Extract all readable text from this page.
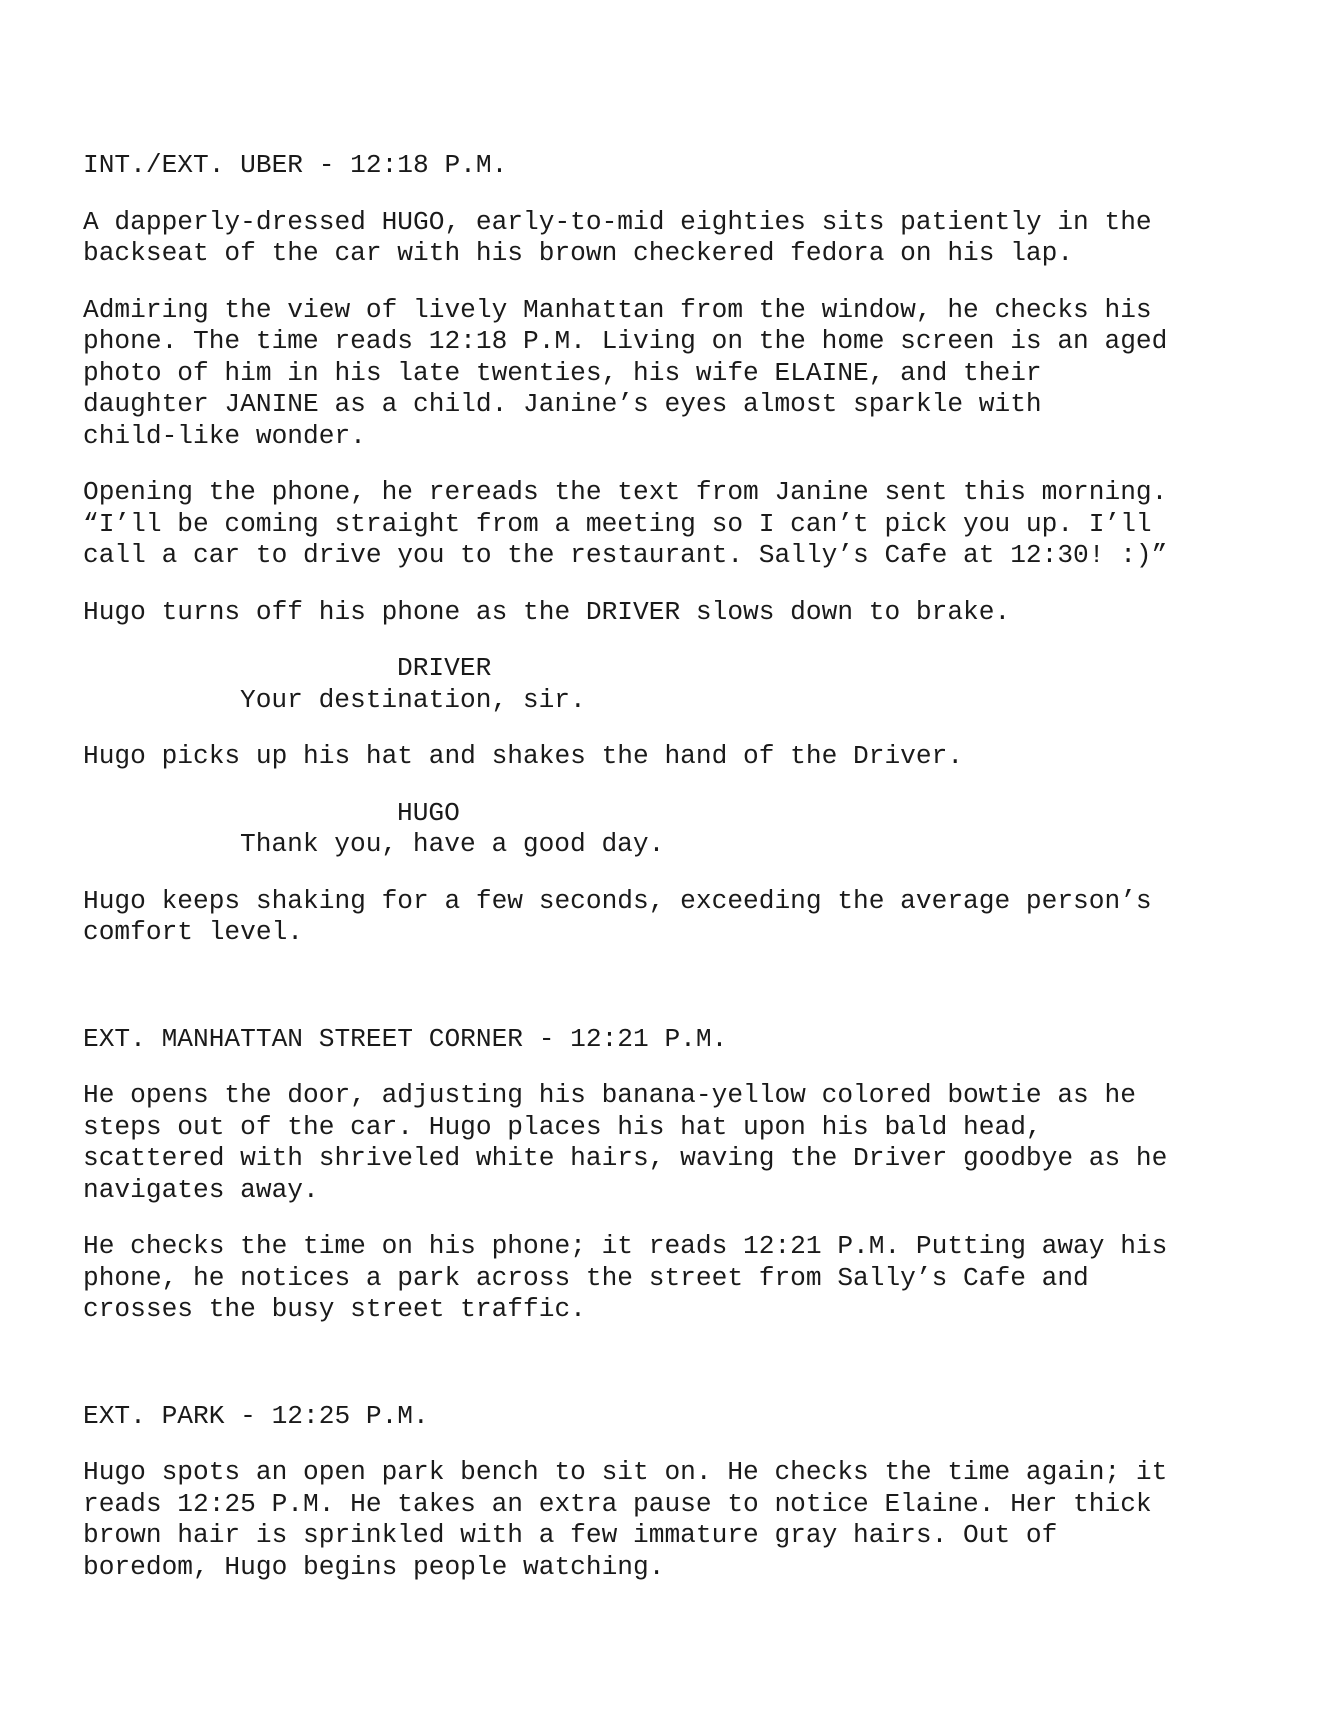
INT./EXT. UBER - 12:18 P.M.
A dapperly-dressed HUGO, early-to-mid eighties sits patiently in the
backseat of the car with his brown checkered fedora on his lap.
Admiring the view of lively Manhattan from the window, he checks his
phone. The time reads 12:18 P.M. Living on the home screen is an aged
photo of him in his late twenties, his wife ELAINE, and their
daughter JANINE as a child. Janine’s eyes almost sparkle with
child-like wonder.
Opening the phone, he rereads the text from Janine sent this morning.
“I’ll be coming straight from a meeting so I can’t pick you up. I’ll
call a car to drive you to the restaurant. Sally’s Cafe at 12:30! :)”
Hugo turns off his phone as the DRIVER slows down to brake.
DRIVER
Your destination, sir.
Hugo picks up his hat and shakes the hand of the Driver.
HUGO
Thank you, have a good day.
Hugo keeps shaking for a few seconds, exceeding the average person’s
comfort level.
EXT. MANHATTAN STREET CORNER - 12:21 P.M.
He opens the door, adjusting his banana-yellow colored bowtie as he
steps out of the car. Hugo places his hat upon his bald head,
scattered with shriveled white hairs, waving the Driver goodbye as he
navigates away.
He checks the time on his phone; it reads 12:21 P.M. Putting away his
phone, he notices a park across the street from Sally’s Cafe and
crosses the busy street traffic.
EXT. PARK - 12:25 P.M.
Hugo spots an open park bench to sit on. He checks the time again; it
reads 12:25 P.M. He takes an extra pause to notice Elaine. Her thick
brown hair is sprinkled with a few immature gray hairs. Out of
boredom, Hugo begins people watching.
